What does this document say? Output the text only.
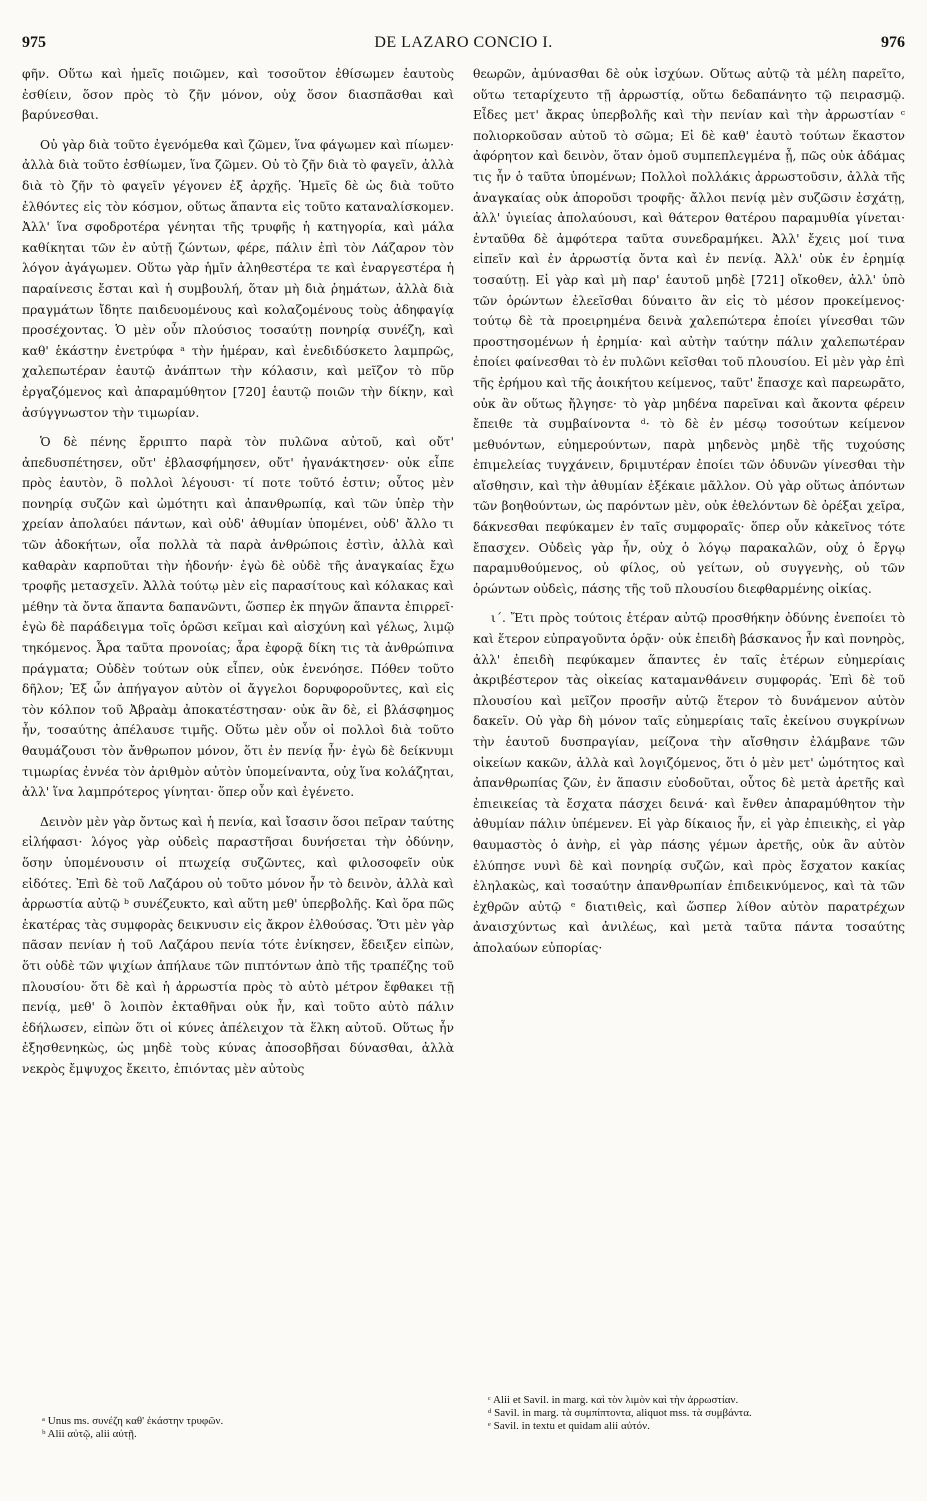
975	DE LAZARO CONCIO I.	976

φῆν. Οὕτω καὶ ἡμεῖς ποιῶμεν, καὶ τοσοῦτον ἐθίσωμεν ἑαυτοὺς ἐσθίειν, ὅσον πρὸς τὸ ζῆν μόνον, οὐχ ὅσον διασπᾶσθαι καὶ βαρύνεσθαι.

Οὐ γὰρ διὰ τοῦτο ἐγενόμεθα καὶ ζῶμεν, ἵνα φάγωμεν καὶ πίωμεν· ἀλλὰ διὰ τοῦτο ἐσθίωμεν, ἵνα ζῶμεν. Οὐ τὸ ζῆν διὰ τὸ φαγεῖν, ἀλλὰ διὰ τὸ ζῆν τὸ φαγεῖν γέγονεν ἐξ ἀρχῆς. Ἡμεῖς δὲ ὡς διὰ τοῦτο ἐλθόντες εἰς τὸν κόσμον, οὕτως ἅπαντα εἰς τοῦτο καταναλίσκομεν. Ἀλλ' ἵνα σφοδροτέρα γένηται τῆς τρυφῆς ἡ κατηγορία, καὶ μάλα καθίκηται τῶν ἐν αὐτῇ ζώντων, φέρε, πάλιν ἐπὶ τὸν Λάζαρον τὸν λόγον ἀγάγωμεν. Οὕτω γὰρ ἡμῖν ἀληθεστέρα τε καὶ ἐναργεστέρα ἡ παραίνεσις ἔσται καὶ ἡ συμβουλή, ὅταν μὴ διὰ ῥημάτων, ἀλλὰ διὰ πραγμάτων ἴδητε παιδευομένους καὶ κολαζομένους τοὺς ἀδηφαγίᾳ προσέχοντας. Ὁ μὲν οὖν πλούσιος τοσαύτῃ πονηρίᾳ συνέζη, καὶ καθ' ἑκάστην ἐνετρύφα ᵃ τὴν ἡμέραν, καὶ ἐνεδιδύσκετο λαμπρῶς, χαλεπωτέραν ἑαυτῷ ἀνάπτων τὴν κόλασιν, καὶ μεῖζον τὸ πῦρ ἐργαζόμενος καὶ ἀπαραμύθητον [720] ἑαυτῷ ποιῶν τὴν δίκην, καὶ ἀσύγγνωστον τὴν τιμωρίαν.

Ὁ δὲ πένης ἔρριπτο παρὰ τὸν πυλῶνα αὐτοῦ, καὶ οὔτ' ἀπεδυσπέτησεν, οὔτ' ἐβλασφήμησεν, οὔτ' ἠγανάκτησεν· οὐκ εἶπε πρὸς ἑαυτὸν, ὃ πολλοὶ λέγουσι· τί ποτε τοῦτό ἐστιν; οὗτος μὲν πονηρίᾳ συζῶν καὶ ὠμότητι καὶ ἀπανθρωπίᾳ, καὶ τῶν ὑπὲρ τὴν χρείαν ἀπολαύει πάντων, καὶ οὐδ' ἀθυμίαν ὑπομένει, οὐδ' ἄλλο τι τῶν ἀδοκήτων, οἷα πολλὰ τὰ παρὰ ἀνθρώποις ἐστὶν, ἀλλὰ καὶ καθαρὰν καρποῦται τὴν ἡδονήν· ἐγὼ δὲ οὐδὲ τῆς ἀναγκαίας ἔχω τροφῆς μετασχεῖν. Ἀλλὰ τούτῳ μὲν εἰς παρασίτους καὶ κόλακας καὶ μέθην τὰ ὄντα ἅπαντα δαπανῶντι, ὥσπερ ἐκ πηγῶν ἅπαντα ἐπιρρεῖ· ἐγὼ δὲ παράδειγμα τοῖς ὁρῶσι κεῖμαι καὶ αἰσχύνη καὶ γέλως, λιμῷ τηκόμενος. Ἆρα ταῦτα προνοίας; ἆρα ἐφορᾷ δίκη τις τὰ ἀνθρώπινα πράγματα; Οὐδὲν τούτων οὐκ εἶπεν, οὐκ ἐνενόησε. Πόθεν τοῦτο δῆλον; Ἐξ ὧν ἀπήγαγον αὐτὸν οἱ ἄγγελοι δορυφοροῦντες, καὶ εἰς τὸν κόλπον τοῦ Ἀβραὰμ ἀποκατέστησαν· οὐκ ἂν δὲ, εἰ βλάσφημος ἦν, τοσαύτης ἀπέλαυσε τιμῆς. Οὕτω μὲν οὖν οἱ πολλοὶ διὰ τοῦτο θαυμάζουσι τὸν ἄνθρωπον μόνον, ὅτι ἐν πενίᾳ ἦν· ἐγὼ δὲ δείκνυμι τιμωρίας ἐννέα τὸν ἀριθμὸν αὐτὸν ὑπομείναντα, οὐχ ἵνα κολάζηται, ἀλλ' ἵνα λαμπρότερος γίνηται· ὅπερ οὖν καὶ ἐγένετο.

Δεινὸν μὲν γὰρ ὄντως καὶ ἡ πενία, καὶ ἴσασιν ὅσοι πεῖραν ταύτης εἰλήφασι· λόγος γὰρ οὐδεὶς παραστῆσαι δυνήσεται τὴν ὀδύνην, ὅσην ὑπομένουσιν οἱ πτωχείᾳ συζῶντες, καὶ φιλοσοφεῖν οὐκ εἰδότες. Ἐπὶ δὲ τοῦ Λαζάρου οὐ τοῦτο μόνον ἦν τὸ δεινὸν, ἀλλὰ καὶ ἀρρωστία αὐτῷ ᵇ συνέζευκτο, καὶ αὕτη μεθ' ὑπερβολῆς. Καὶ ὅρα πῶς ἑκατέρας τὰς συμφορὰς δεικνυσιν εἰς ἄκρον ἐλθούσας. Ὅτι μὲν γὰρ πᾶσαν πενίαν ἡ τοῦ Λαζάρου πενία τότε ἐνίκησεν, ἔδειξεν εἰπὼν, ὅτι οὐδὲ τῶν ψιχίων ἀπήλαυε τῶν πιπτόντων ἀπὸ τῆς τραπέζης τοῦ πλουσίου· ὅτι δὲ καὶ ἡ ἀρρωστία πρὸς τὸ αὐτὸ μέτρον ἔφθακει τῇ πενίᾳ, μεθ' ὃ λοιπὸν ἐκταθῆναι οὐκ ἦν, καὶ τοῦτο αὐτὸ πάλιν ἐδήλωσεν, εἰπὼν ὅτι οἱ κύνες ἀπέλειχον τὰ ἕλκη αὐτοῦ. Οὕτως ἦν ἐξησθενηκὼς, ὡς μηδὲ τοὺς κύνας ἀποσοβῆσαι δύνασθαι, ἀλλὰ νεκρὸς ἔμψυχος ἔκειτο, ἐπιόντας μὲν αὐτοὺς

θεωρῶν, ἀμύνασθαι δὲ οὐκ ἰσχύων. Οὕτως αὐτῷ τὰ μέλη παρεῖτο, οὕτω τεταρίχευτο τῇ ἀρρωστίᾳ, οὕτω δεδαπάνητο τῷ πειρασμῷ. Εἶδες μετ' ἄκρας ὑπερβολῆς καὶ τὴν πενίαν καὶ τὴν ἀρρωστίαν ᶜ πολιορκοῦσαν αὐτοῦ τὸ σῶμα; Εἰ δὲ καθ' ἑαυτὸ τούτων ἕκαστον ἀφόρητον καὶ δεινὸν, ὅταν ὁμοῦ συμπεπλεγμένα ᾖ, πῶς οὐκ ἀδάμας τις ἦν ὁ ταῦτα ὑπομένων; Πολλοὶ πολλάκις ἀρρωστοῦσιν, ἀλλὰ τῆς ἀναγκαίας οὐκ ἀποροῦσι τροφῆς· ἄλλοι πενίᾳ μὲν συζῶσιν ἐσχάτῃ, ἀλλ' ὑγιείας ἀπολαύουσι, καὶ θάτερον θατέρου παραμυθία γίνεται· ἐνταῦθα δὲ ἀμφότερα ταῦτα συνεδραμήκει. Ἀλλ' ἔχεις μοί τινα εἰπεῖν καὶ ἐν ἀρρωστίᾳ ὄντα καὶ ἐν πενίᾳ. Ἀλλ' οὐκ ἐν ἐρημίᾳ τοσαύτῃ. Εἰ γὰρ καὶ μὴ παρ' ἑαυτοῦ μηδὲ [721] οἴκοθεν, ἀλλ' ὑπὸ τῶν ὁρώντων ἐλεεῖσθαι δύναιτο ἂν εἰς τὸ μέσον προκείμενος· τούτῳ δὲ τὰ προειρημένα δεινὰ χαλεπώτερα ἐποίει γίνεσθαι τῶν προστησομένων ἡ ἐρημία· καὶ αὐτὴν ταύτην πάλιν χαλεπωτέραν ἐποίει φαίνεσθαι τὸ ἐν πυλῶνι κεῖσθαι τοῦ πλουσίου. Εἰ μὲν γὰρ ἐπὶ τῆς ἐρήμου καὶ τῆς ἀοικήτου κείμενος, ταῦτ' ἔπασχε καὶ παρεωρᾶτο, οὐκ ἂν οὕτως ἤλγησε· τὸ γὰρ μηδένα παρεῖναι καὶ ἄκοντα φέρειν ἔπειθε τὰ συμβαίνοντα ᵈ· τὸ δὲ ἐν μέσῳ τοσούτων κείμενον μεθυόντων, εὐημερούντων, παρὰ μηδενὸς μηδὲ τῆς τυχούσης ἐπιμελείας τυγχάνειν, δριμυτέραν ἐποίει τῶν ὀδυνῶν γίνεσθαι τὴν αἴσθησιν, καὶ τὴν ἀθυμίαν ἐξέκαιε μᾶλλον. Οὐ γὰρ οὕτως ἀπόντων τῶν βοηθούντων, ὡς παρόντων μὲν, οὐκ ἐθελόντων δὲ ὀρέξαι χεῖρα, δάκνεσθαι πεφύκαμεν ἐν ταῖς συμφοραῖς· ὅπερ οὖν κἀκεῖνος τότε ἔπασχεν. Οὐδεὶς γὰρ ἦν, οὐχ ὁ λόγῳ παρακαλῶν, οὐχ ὁ ἔργῳ παραμυθούμενος, οὐ φίλος, οὐ γείτων, οὐ συγγενὴς, οὐ τῶν ὁρώντων οὐδεὶς, πάσης τῆς τοῦ πλουσίου διεφθαρμένης οἰκίας.

ι΄. Ἔτι πρὸς τούτοις ἑτέραν αὐτῷ προσθήκην ὀδύνης ἐνεποίει τὸ καὶ ἕτερον εὐπραγοῦντα ὁρᾷν· οὐκ ἐπειδὴ βάσκανος ἦν καὶ πονηρὸς, ἀλλ' ἐπειδὴ πεφύκαμεν ἅπαντες ἐν ταῖς ἑτέρων εὐημερίαις ἀκριβέστερον τὰς οἰκείας καταμανθάνειν συμφοράς. Ἐπὶ δὲ τοῦ πλουσίου καὶ μεῖζον προσῆν αὐτῷ ἕτερον τὸ δυνάμενον αὐτὸν δακεῖν. Οὐ γὰρ δὴ μόνον ταῖς εὐημερίαις ταῖς ἐκείνου συγκρίνων τὴν ἑαυτοῦ δυσπραγίαν, μείζονα τὴν αἴσθησιν ἐλάμβανε τῶν οἰκείων κακῶν, ἀλλὰ καὶ λογιζόμενος, ὅτι ὁ μὲν μετ' ὠμότητος καὶ ἀπανθρωπίας ζῶν, ἐν ἅπασιν εὐοδοῦται, οὗτος δὲ μετὰ ἀρετῆς καὶ ἐπιεικείας τὰ ἔσχατα πάσχει δεινά· καὶ ἔνθεν ἀπαραμύθητον τὴν ἀθυμίαν πάλιν ὑπέμενεν. Εἰ γὰρ δίκαιος ἦν, εἰ γὰρ ἐπιεικὴς, εἰ γὰρ θαυμαστὸς ὁ ἀνὴρ, εἰ γὰρ πάσης γέμων ἀρετῆς, οὐκ ἂν αὐτὸν ἐλύπησε νυνὶ δὲ καὶ πονηρίᾳ συζῶν, καὶ πρὸς ἔσχατον κακίας ἐληλακὼς, καὶ τοσαύτην ἀπανθρωπίαν ἐπιδεικνύμενος, καὶ τὰ τῶν ἐχθρῶν αὐτῷ ᵉ διατιθεὶς, καὶ ὥσπερ λίθον αὐτὸν παρατρέχων ἀναισχύντως καὶ ἀνιλέως, καὶ μετὰ ταῦτα πάντα τοσαύτης ἀπολαύων εὐπορίας·

ᵃ Unus ms. συνέζη καθ' ἑκάστην τρυφῶν.

ᵇ Alii αὐτῷ, alii αὐτῇ.

ᶜ Alii et Savil. in marg. καὶ τὸν λιμὸν καὶ τὴν ἀρρωστίαν.

ᵈ Savil. in marg. τὰ συμπίπτοντα, aliquot mss. τὰ συμβάντα.

ᵉ Savil. in textu et quidam alii αὐτόν.
